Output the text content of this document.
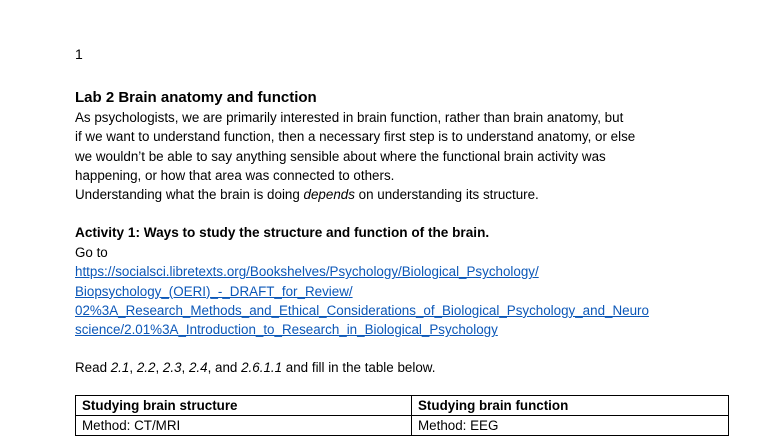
1
Lab 2 Brain anatomy and function
As psychologists, we are primarily interested in brain function, rather than brain anatomy, but
if we want to understand function, then a necessary first step is to understand anatomy, or else
we wouldn’t be able to say anything sensible about where the functional brain activity was
happening, or how that area was connected to others.
Understanding what the brain is doing depends on understanding its structure.
Activity 1: Ways to study the structure and function of the brain.
Go to
https://socialsci.libretexts.org/Bookshelves/Psychology/Biological_Psychology/
Biopsychology_(OERI)_-_DRAFT_for_Review/
02%3A_Research_Methods_and_Ethical_Considerations_of_Biological_Psychology_and_Neuro
science/2.01%3A_Introduction_to_Research_in_Biological_Psychology
Read 2.1, 2.2, 2.3, 2.4, and 2.6.1.1 and fill in the table below.
Studying brain structure	Studying brain function
Method: CT/MRI	Method: EEG
